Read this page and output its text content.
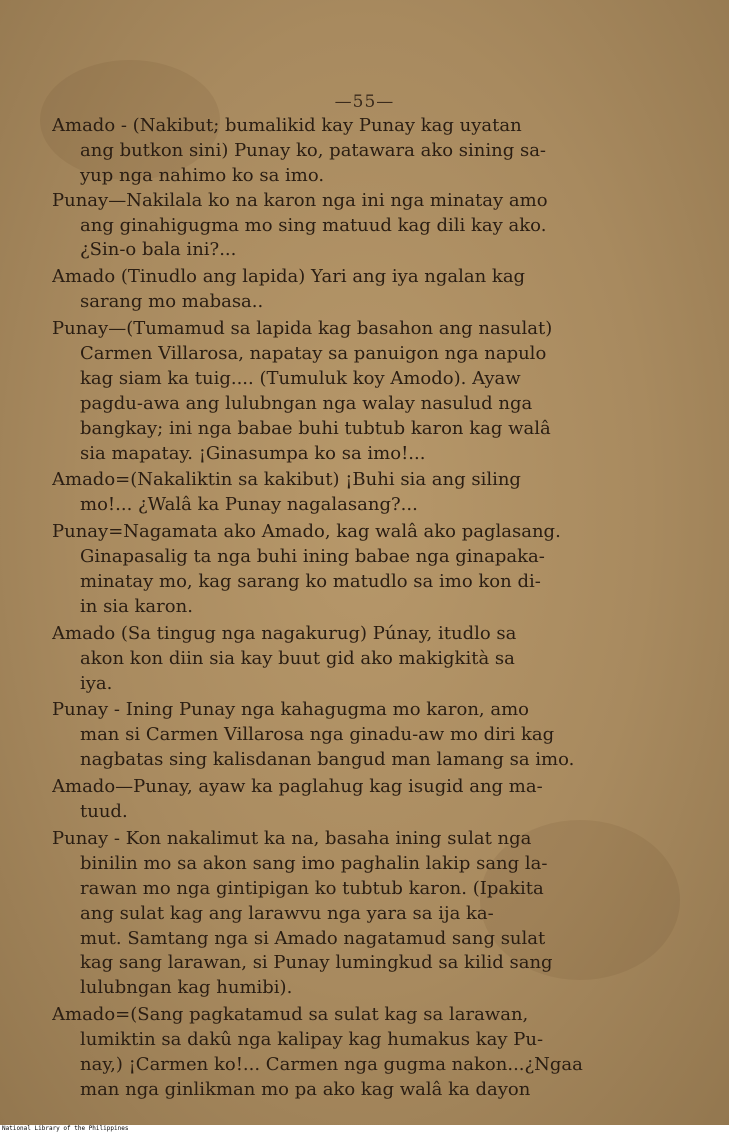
—55—
Amado - (Nakibut; bumalikid kay Punay kag uyatan
ang butkon sini) Punay ko, patawara ako sining sa-
yup nga nahimo ko sa imo.
Punay—Nakilala ko na karon nga ini nga minatay amo
ang ginahigugma mo sing matuud kag dili kay ako.
¿Sin-o bala ini?...
Amado (Tinudlo ang lapida) Yari ang iya ngalan kag
sarang mo mabasa..
Punay—(Tumamud sa lapida kag basahon ang nasulat)
Carmen Villarosa, napatay sa panuigon nga napulo
kag siam ka tuig.... (Tumuluk koy Amodo). Ayaw
pagdu-awa ang lulubngan nga walay nasulud nga
bangkay; ini nga babae buhi tubtub karon kag walâ
sia mapatay. ¡Ginasumpa ko sa imo!...
Amado=(Nakaliktin sa kakibut) ¡Buhi sia ang siling
mo!... ¿Walâ ka Punay nagalasang?...
Punay=Nagamata ako Amado, kag walâ ako paglasang.
Ginapasalig ta nga buhi ining babae nga ginapaka-
minatay mo, kag sarang ko matudlo sa imo kon di-
in sia karon.
Amado (Sa tingug nga nagakurug) Púnay, itudlo sa
akon kon diin sia kay buut gid ako makigkità sa
iya.
Punay - Ining Punay nga kahagugma mo karon, amo
man si Carmen Villarosa nga ginadu-aw mo diri kag
nagbatas sing kalisdanan bangud man lamang sa imo.
Amado—Punay, ayaw ka paglahug kag isugid ang ma-
tuud.
Punay - Kon nakalimut ka na, basaha ining sulat nga
binilin mo sa akon sang imo paghalin lakip sang la-
rawan mo nga gintipigan ko tubtub karon. (Ipakita
ang sulat kag ang larawvu nga yara sa ija ka-
mut. Samtang nga si Amado nagatamud sang sulat
kag sang larawan, si Punay lumingkud sa kilid sang
lulubngan kag humibi).
Amado=(Sang pagkatamud sa sulat kag sa larawan,
lumiktin sa dakû nga kalipay kag humakus kay Pu-
nay,) ¡Carmen ko!... Carmen nga gugma nakon...¿Ngaa
man nga ginlikman mo pa ako kag walâ ka dayon
National Library of the Philippines
